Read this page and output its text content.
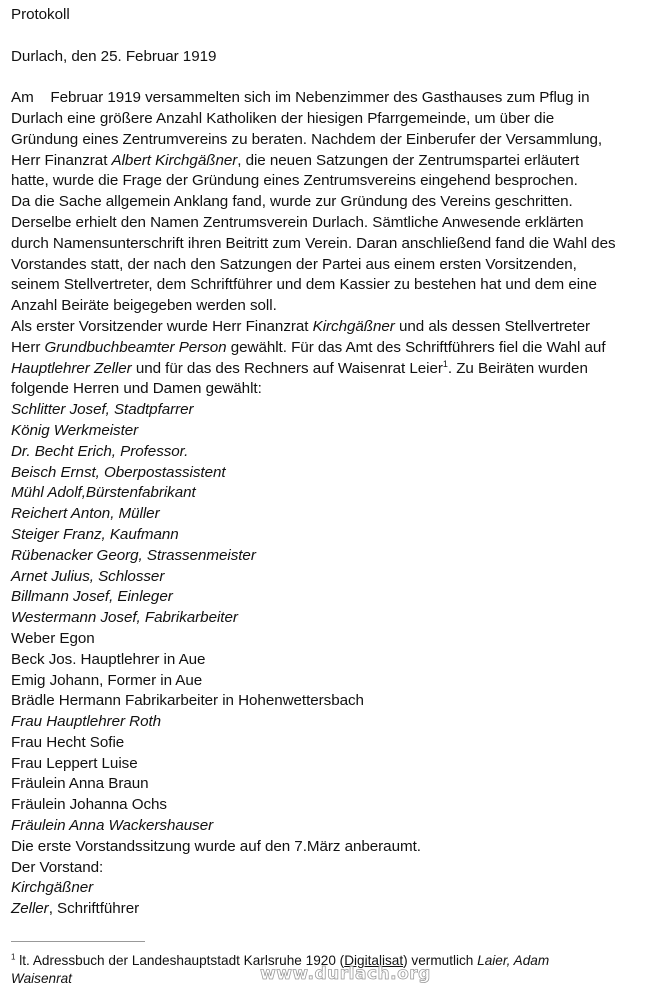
Protokoll
Durlach, den 25. Februar 1919
Am    Februar 1919 versammelten sich im Nebenzimmer des Gasthauses zum Pflug in
Durlach eine größere Anzahl Katholiken der hiesigen Pfarrgemeinde, um über die
Gründung eines Zentrumvereins zu beraten. Nachdem der Einberufer der Versammlung,
Herr Finanzrat Albert Kirchgäßner, die neuen Satzungen der Zentrumspartei erläutert
hatte, wurde die Frage der Gründung eines Zentrumsvereins eingehend besprochen.
Da die Sache allgemein Anklang fand, wurde zur Gründung des Vereins geschritten.
Derselbe erhielt den Namen Zentrumsverein Durlach. Sämtliche Anwesende erklärten
durch Namensunterschrift ihren Beitritt zum Verein. Daran anschließend fand die Wahl des
Vorstandes statt, der nach den Satzungen der Partei aus einem ersten Vorsitzenden,
seinem Stellvertreter, dem Schriftführer und dem Kassier zu bestehen hat und dem eine
Anzahl Beiräte beigegeben werden soll.
Als erster Vorsitzender wurde Herr Finanzrat Kirchgäßner und als dessen Stellvertreter
Herr Grundbuchbeamter Person gewählt. Für das Amt des Schriftführers fiel die Wahl auf
Hauptlehrer Zeller und für das des Rechners auf Waisenrat Leier$^1$. Zu Beiräten wurden
folgende Herren und Damen gewählt:
Schlitter Josef, Stadtpfarrer
König Werkmeister
Dr. Becht Erich, Professor.
Beisch Ernst, Oberpostassistent
Mühl Adolf,Bürstenfabrikant
Reichert Anton, Müller
Steiger Franz, Kaufmann
Rübenacker Georg, Strassenmeister
Arnet Julius, Schlosser
Billmann Josef, Einleger
Westermann Josef, Fabrikarbeiter
Weber Egon
Beck Jos. Hauptlehrer in Aue
Emig Johann, Former in Aue
Brädle Hermann Fabrikarbeiter in Hohenwettersbach
Frau Hauptlehrer Roth
Frau Hecht Sofie
Frau Leppert Luise
Fräulein Anna Braun
Fräulein Johanna Ochs
Fräulein Anna Wackershauser
Die erste Vorstandssitzung wurde auf den 7.März anberaumt.
Der Vorstand:
Kirchgäßner
Zeller, Schriftführer
$^1$ lt. Adressbuch der Landeshauptstadt Karlsruhe 1920 (Digitalisat) vermutlich Laier, Adam
Waisenrat	www.durlach.org
